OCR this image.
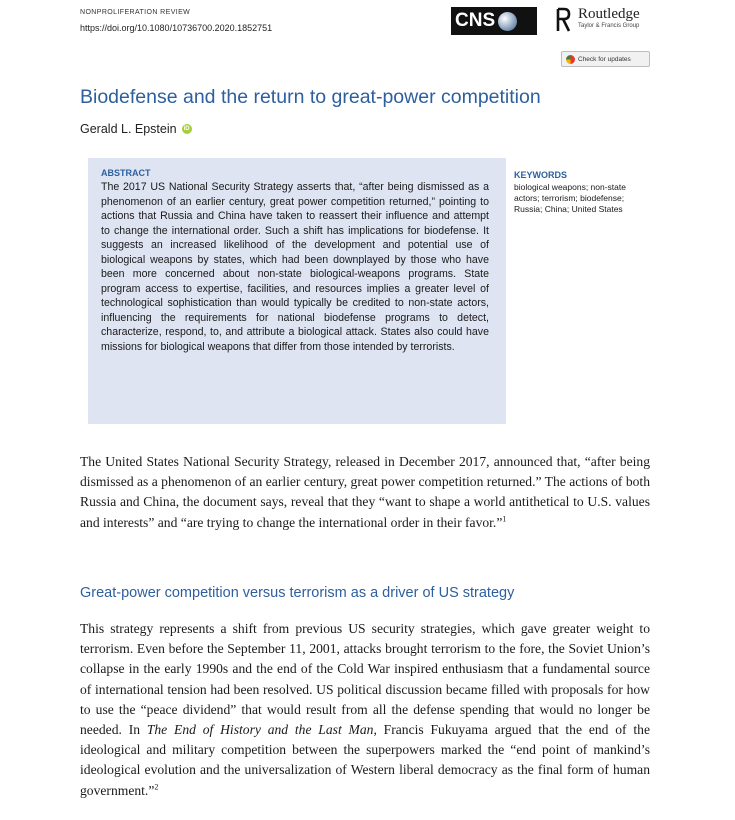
NONPROLIFERATION REVIEW
https://doi.org/10.1080/10736700.2020.1852751	CNS	Routledge
Taylor & Francis Group
Check for updates
Biodefense and the return to great-power competition
Gerald L. Epstein	iD
ABSTRACT
The 2017 US National Security Strategy asserts that, “after being dismissed as a phenomenon of an earlier century, great power competition returned,” pointing to actions that Russia and China have taken to reassert their influence and attempt to change the international order. Such a shift has implications for biodefense. It suggests an increased likelihood of the development and potential use of biological weapons by states, which had been downplayed by those who have been more concerned about non-state biological-weapons programs. State program access to expertise, facilities, and resources implies a greater level of technological sophistication than would typically be credited to non-state actors, influencing the requirements for national biodefense programs to detect, characterize, respond, to, and attribute a biological attack. States also could have missions for biological weapons that differ from those intended by terrorists.
KEYWORDS
biological weapons; non-state actors; terrorism; biodefense; Russia; China; United States
The United States National Security Strategy, released in December 2017, announced that, “after being dismissed as a phenomenon of an earlier century, great power competition returned.” The actions of both Russia and China, the document says, reveal that they “want to shape a world antithetical to U.S. values and interests” and “are trying to change the international order in their favor.”$^1$
Great-power competition versus terrorism as a driver of US strategy
This strategy represents a shift from previous US security strategies, which gave greater weight to terrorism. Even before the September 11, 2001, attacks brought terrorism to the fore, the Soviet Union’s collapse in the early 1990s and the end of the Cold War inspired enthusiasm that a fundamental source of international tension had been resolved. US political discussion became filled with proposals for how to use the “peace dividend” that would result from all the defense spending that would no longer be needed. In The End of History and the Last Man, Francis Fukuyama argued that the end of the ideological and military competition between the superpowers marked the “end point of mankind’s ideological evolution and the universalization of Western liberal democracy as the final form of human government.”$^2$
